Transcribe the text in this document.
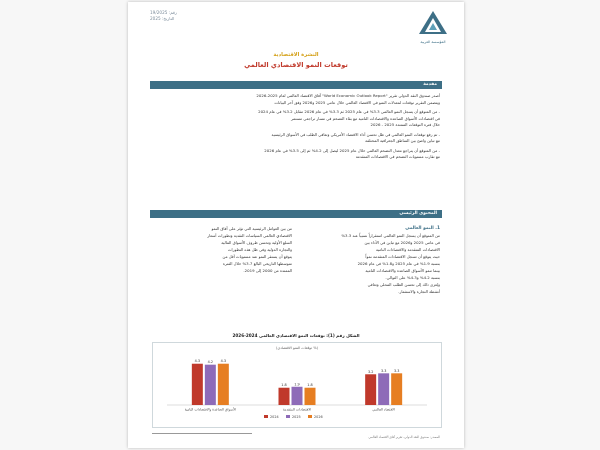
رقم: 19/2025
التاريخ: 2025
المؤسسة العربية
النشرة الاقتصادية
توقعات النمو الاقتصادي العالمي
مقدمة
أصدر صندوق النقد الدولي تقرير "World Economic Outlook Report" آفاق الاقتصاد العالمي لعام 2025-2026
ويتضمن التقرير توقعات لمعدلات النمو في الاقتصاد العالمي خلال عامي 2025 و2026 وفق آخر البيانات
- من المتوقع أن يسجل النمو العالمي 3.3% في عام 2025 ثم 3.3% في عام 2026 مقابل 3.2% في عام 2024
في اقتصادات الأسواق الصاعدة والاقتصادات النامية مع بقاء التضخم في مسار تراجعي مستمر
خلال فترة التوقعات الممتدة 2025 - 2026
- تم رفع توقعات النمو العالمي في ظل تحسن أداء الاقتصاد الأمريكي وتعافي الطلب في الأسواق الرئيسية
مع تباين واضح بين المناطق الجغرافية المختلفة
- من المتوقع أن يتراجع معدل التضخم العالمي خلال عام 2025 ليصل إلى 4.2% ثم إلى 3.5% في عام 2026
مع تقارب مستويات التضخم في الاقتصادات المتقدمة
المحتوى الرئيسي
1. النمو العالمي
من المتوقع أن يسجل النمو العالمي استقراراً نسبياً عند 3.3%
في عامي 2025 و2026 مع تباين في الأداء بين
الاقتصادات المتقدمة والاقتصادات النامية
حيث يتوقع أن تسجل الاقتصادات المتقدمة نمواً
بنسبة 1.9% في عام 2025 و1.8% في عام 2026
بينما تنمو الأسواق الصاعدة والاقتصادات النامية
بنسبة 4.2% و4.3% على التوالي.
ويُعزى ذلك إلى تحسن الطلب المحلي وتعافي
أنشطة التجارة والاستثمار.
من بين العوامل الرئيسية التي تؤثر على آفاق النمو
الاقتصادي العالمي السياسات النقدية وتطورات أسعار
السلع الأولية وتحسن ظروف الأسواق المالية
والتجارة الدولية وفي ظل هذه التطورات
يتوقع أن يستقر النمو عند مستويات أقل من
متوسطها التاريخي البالغ 3.7% خلال الفترة
الممتدة من 2000 إلى 2019.
الشكل رقم (1): توقعات النمو الاقتصادي العالمي 2024-2026
(توقعات النمو الاقتصادي %)
3.2 3.3 3.3
الاقتصاد العالمي
1.8 1.9 1.8
الاقتصادات المتقدمة
4.3 4.2 4.3
الأسواق الصاعدة والاقتصادات النامية
2024	2025	2026
المصدر: صندوق النقد الدولي، تقرير آفاق الاقتصاد العالمي
